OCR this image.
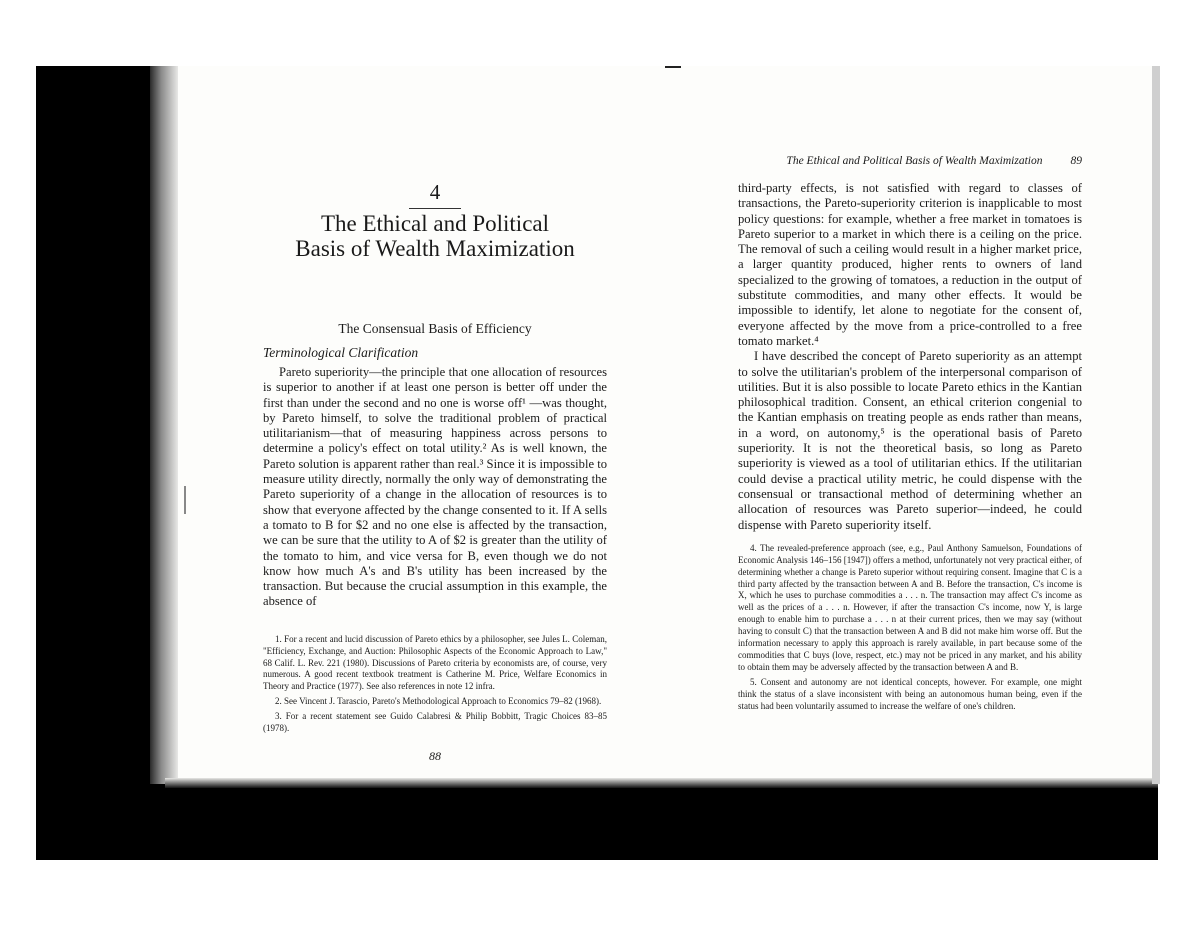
4
The Ethical and Political
Basis of Wealth Maximization
The Consensual Basis of Efficiency
Terminological Clarification

Pareto superiority—the principle that one allocation of resources is superior to another if at least one person is better off under the first than under the second and no one is worse off¹ —was thought, by Pareto himself, to solve the traditional problem of practical utilitarianism—that of measuring happiness across persons to determine a policy's effect on total utility.² As is well known, the Pareto solution is apparent rather than real.³ Since it is impossible to measure utility directly, normally the only way of demonstrating the Pareto superiority of a change in the allocation of resources is to show that everyone affected by the change consented to it. If A sells a tomato to B for $2 and no one else is affected by the transaction, we can be sure that the utility to A of $2 is greater than the utility of the tomato to him, and vice versa for B, even though we do not know how much A's and B's utility has been increased by the transaction. But because the crucial assumption in this example, the absence of

1. For a recent and lucid discussion of Pareto ethics by a philosopher, see Jules L. Coleman, "Efficiency, Exchange, and Auction: Philosophic Aspects of the Economic Approach to Law," 68 Calif. L. Rev. 221 (1980). Discussions of Pareto criteria by economists are, of course, very numerous. A good recent textbook treatment is Catherine M. Price, Welfare Economics in Theory and Practice (1977). See also references in note 12 infra.

2. See Vincent J. Tarascio, Pareto's Methodological Approach to Economics 79–82 (1968).

3. For a recent statement see Guido Calabresi & Philip Bobbitt, Tragic Choices 83–85 (1978).

88
The Ethical and Political Basis of Wealth Maximization 89

third-party effects, is not satisfied with regard to classes of transactions, the Pareto-superiority criterion is inapplicable to most policy questions: for example, whether a free market in tomatoes is Pareto superior to a market in which there is a ceiling on the price. The removal of such a ceiling would result in a higher market price, a larger quantity produced, higher rents to owners of land specialized to the growing of tomatoes, a reduction in the output of substitute commodities, and many other effects. It would be impossible to identify, let alone to negotiate for the consent of, everyone affected by the move from a price-controlled to a free tomato market.⁴

I have described the concept of Pareto superiority as an attempt to solve the utilitarian's problem of the interpersonal comparison of utilities. But it is also possible to locate Pareto ethics in the Kantian philosophical tradition. Consent, an ethical criterion congenial to the Kantian emphasis on treating people as ends rather than means, in a word, on autonomy,⁵ is the operational basis of Pareto superiority. It is not the theoretical basis, so long as Pareto superiority is viewed as a tool of utilitarian ethics. If the utilitarian could devise a practical utility metric, he could dispense with the consensual or transactional method of determining whether an allocation of resources was Pareto superior—indeed, he could dispense with Pareto superiority itself.

4. The revealed-preference approach (see, e.g., Paul Anthony Samuelson, Foundations of Economic Analysis 146–156 [1947]) offers a method, unfortunately not very practical either, of determining whether a change is Pareto superior without requiring consent. Imagine that C is a third party affected by the transaction between A and B. Before the transaction, C's income is X, which he uses to purchase commodities a . . . n. The transaction may affect C's income as well as the prices of a . . . n. However, if after the transaction C's income, now Y, is large enough to enable him to purchase a . . . n at their current prices, then we may say (without having to consult C) that the transaction between A and B did not make him worse off. But the information necessary to apply this approach is rarely available, in part because some of the commodities that C buys (love, respect, etc.) may not be priced in any market, and his ability to obtain them may be adversely affected by the transaction between A and B.

5. Consent and autonomy are not identical concepts, however. For example, one might think the status of a slave inconsistent with being an autonomous human being, even if the status had been voluntarily assumed to increase the welfare of one's children.
